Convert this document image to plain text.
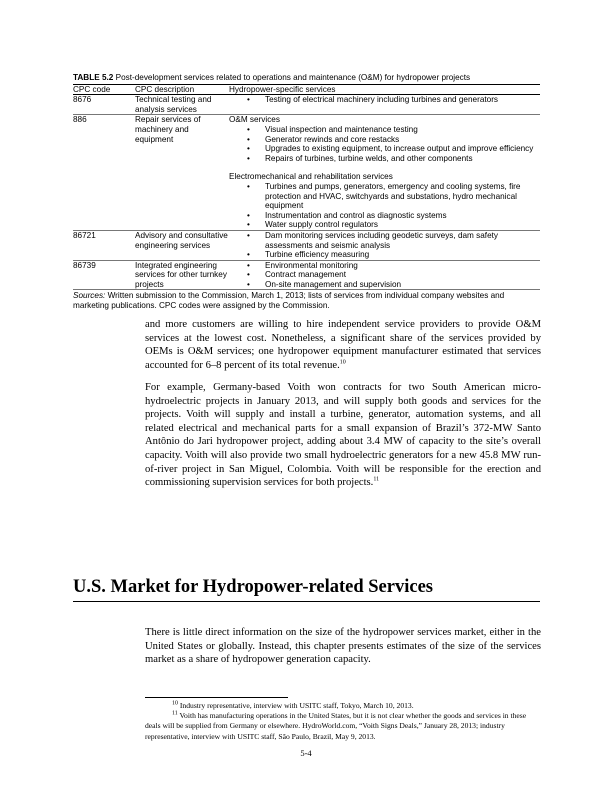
TABLE 5.2 Post-development services related to operations and maintenance (O&M) for hydropower projects
CPC code	CPC description	Hydropower-specific services
8676	Technical testing and analysis services
•	Testing of electrical machinery including turbines and generators
886	Repair services of machinery and equipment
O&M services
•	Visual inspection and maintenance testing
•	Generator rewinds and core restacks
•	Upgrades to existing equipment, to increase output and improve efficiency
•	Repairs of turbines, turbine welds, and other components
Electromechanical and rehabilitation services
•	Turbines and pumps, generators, emergency and cooling systems, fire protection and HVAC, switchyards and substations, hydro mechanical equipment
•	Instrumentation and control as diagnostic systems
•	Water supply control regulators
86721	Advisory and consultative engineering services
•	Dam monitoring services including geodetic surveys, dam safety assessments and seismic analysis
•	Turbine efficiency measuring
86739	Integrated engineering services for other turnkey projects
•	Environmental monitoring
•	Contract management
•	On-site management and supervision
Sources: Written submission to the Commission, March 1, 2013; lists of services from individual company websites and marketing publications. CPC codes were assigned by the Commission.
and more customers are willing to hire independent service providers to provide O&M services at the lowest cost. Nonetheless, a significant share of the services provided by OEMs is O&M services; one hydropower equipment manufacturer estimated that services accounted for 6–8 percent of its total revenue.$^{10}$
For example, Germany-based Voith won contracts for two South American micro-hydroelectric projects in January 2013, and will supply both goods and services for the projects. Voith will supply and install a turbine, generator, automation systems, and all related electrical and mechanical parts for a small expansion of Brazil’s 372-MW Santo Antônio do Jari hydropower project, adding about 3.4 MW of capacity to the site’s overall capacity. Voith will also provide two small hydroelectric generators for a new 45.8 MW run-of-river project in San Miguel, Colombia. Voith will be responsible for the erection and commissioning supervision services for both projects.$^{11}$
U.S. Market for Hydropower-related Services
There is little direct information on the size of the hydropower services market, either in the United States or globally. Instead, this chapter presents estimates of the size of the services market as a share of hydropower generation capacity.

$^{10}$ Industry representative, interview with USITC staff, Tokyo, March 10, 2013.

$^{11}$ Voith has manufacturing operations in the United States, but it is not clear whether the goods and services in these deals will be supplied from Germany or elsewhere. HydroWorld.com, “Voith Signs Deals,” January 28, 2013; industry representative, interview with USITC staff, São Paulo, Brazil, May 9, 2013.

5-4
